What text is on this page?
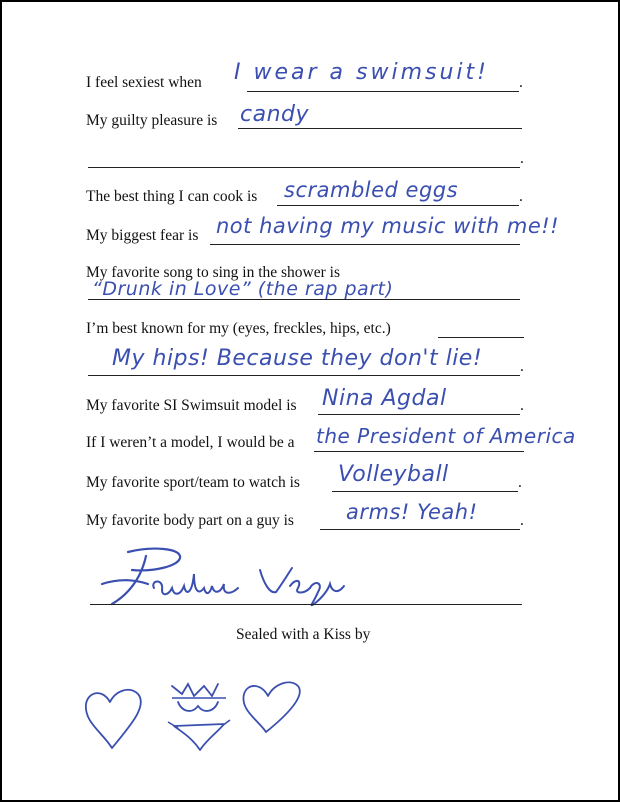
I feel sexiest when	.
I wear a swimsuit!
My guilty pleasure is candy
.
The best thing I can cook is	.
scrambled eggs
My biggest fear is not having my music with me!!
My favorite song to sing in the shower is
“Drunk in Love” (the rap part)
I’m best known for my (eyes, freckles, hips, etc.)
.
My hips! Because they don't lie!
My favorite SI Swimsuit model is	.
Nina Agdal
If I weren’t a model, I would be a the President of America
My favorite sport/team to watch is	.
Volleyball
My favorite body part on a guy is	.
arms! Yeah!
Sealed with a Kiss by
